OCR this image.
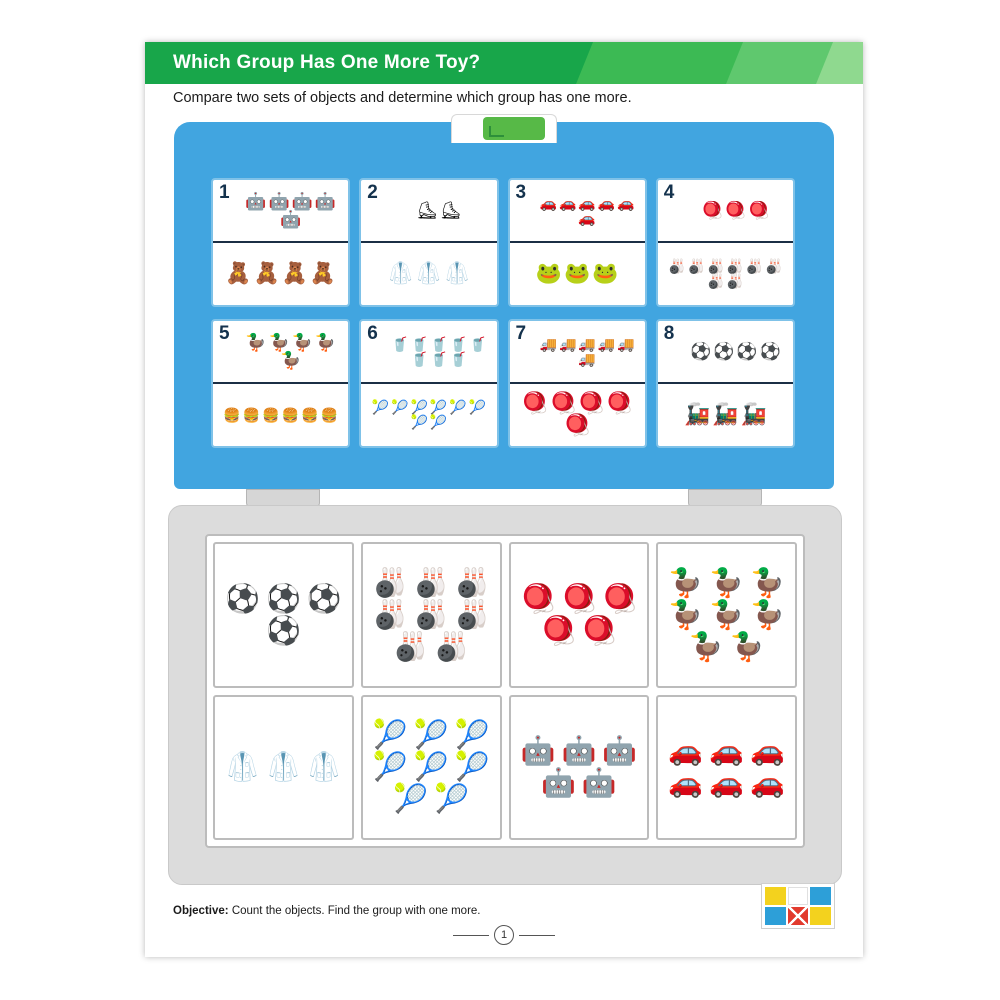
Which Group Has One More Toy?
Compare two sets of objects and determine which group has one more.
1 🤖 🤖 🤖 🤖
🤖
🧸 🧸 🧸 🧸
2
⛸ ⛸
🥼 🥼 🥼
3 🚗 🚗 🚗 🚗 🚗
🚗
🐸 🐸 🐸
4
🪀 🪀 🪀
🎳 🎳 🎳 🎳 🎳 🎳
🎳 🎳
5 🦆 🦆 🦆 🦆
🦆
🍔 🍔 🍔 🍔 🍔 🍔
6 🥤 🥤 🥤 🥤 🥤
🥤 🥤 🥤
🎾 🎾 🎾 🎾 🎾 🎾
🎾 🎾
7 🚚 🚚 🚚 🚚 🚚
🚚
🪀 🪀 🪀 🪀
🪀
8
⚽ ⚽ ⚽ ⚽
🚂 🚂 🚂
⚽ ⚽ ⚽
⚽
🎳 🎳 🎳
🎳 🎳 🎳
🎳 🎳
🪀 🪀 🪀
🪀 🪀
🦆 🦆 🦆
🦆 🦆 🦆
🦆 🦆
🥼 🥼 🥼
🎾 🎾 🎾
🎾 🎾 🎾
🎾 🎾
🤖 🤖 🤖
🤖 🤖
🚗 🚗 🚗
🚗 🚗 🚗
Objective: Count the objects. Find the group with one more.
1
